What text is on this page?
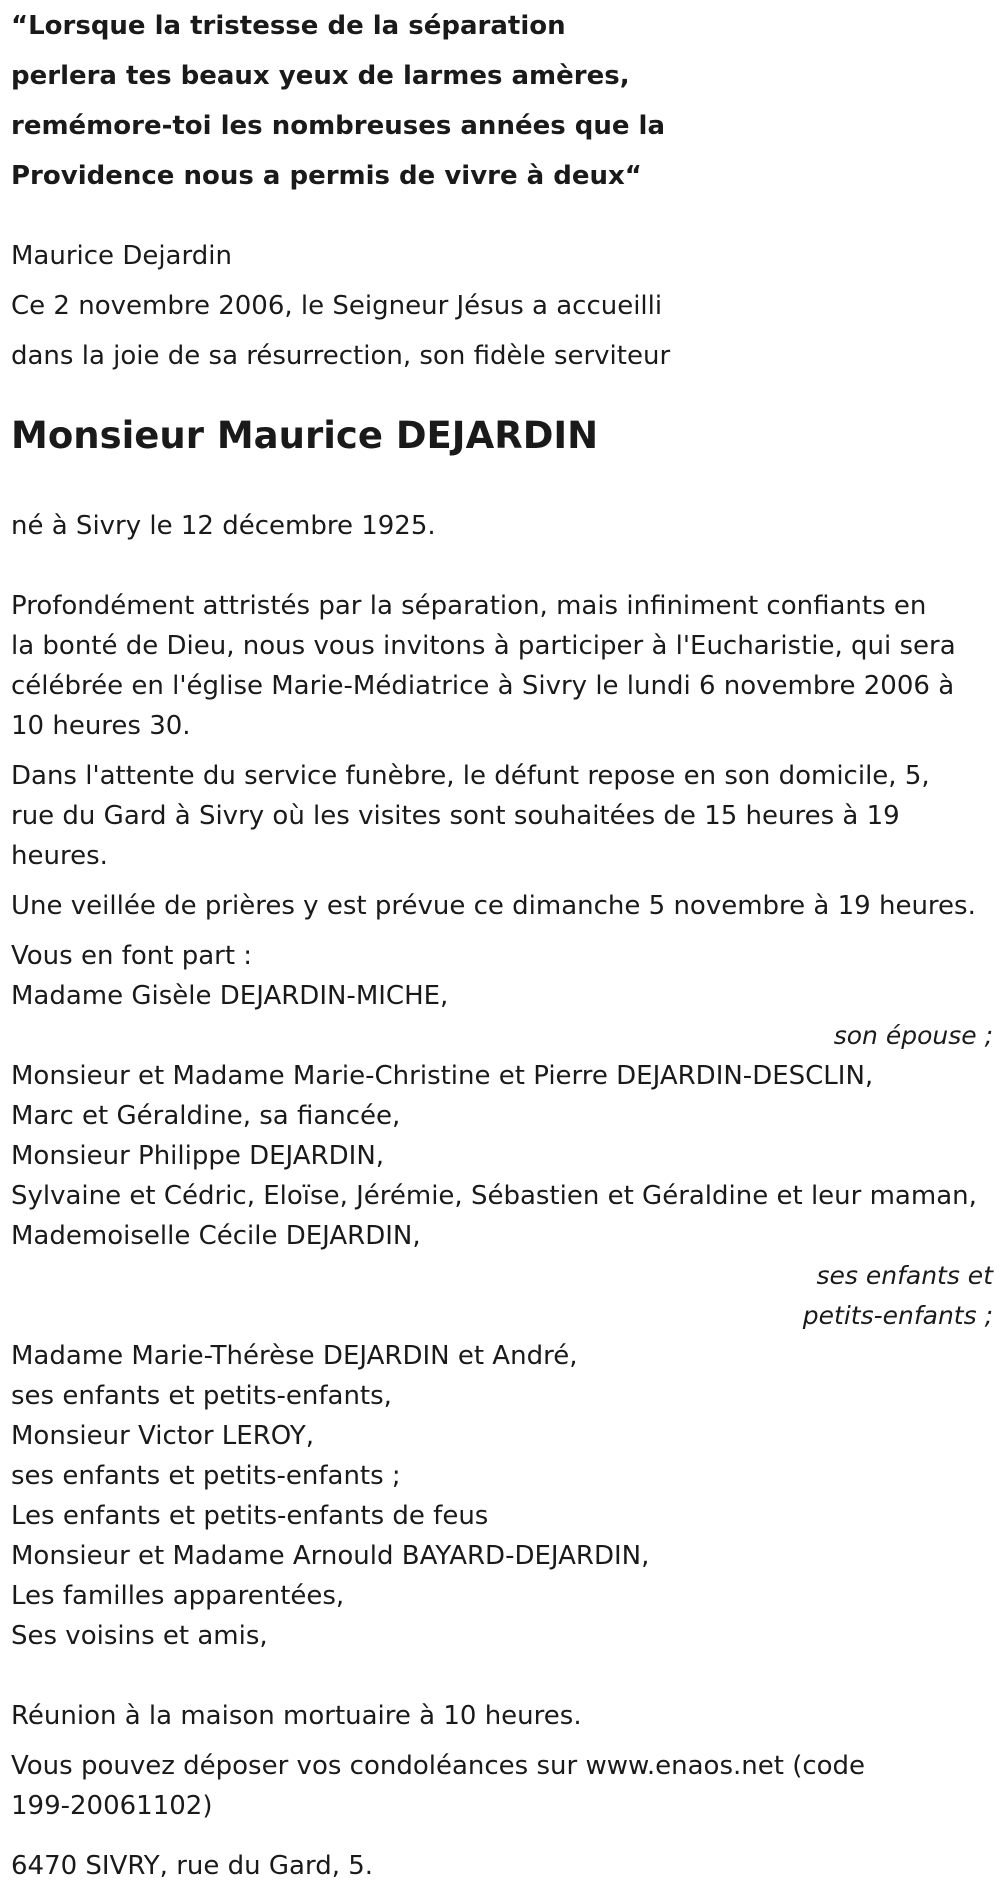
“Lorsque la tristesse de la séparation
perlera tes beaux yeux de larmes amères,
remémore-toi les nombreuses années que la
Providence nous a permis de vivre à deux“
Maurice Dejardin
Ce 2 novembre 2006, le Seigneur Jésus a accueilli
dans la joie de sa résurrection, son fidèle serviteur
Monsieur Maurice DEJARDIN
né à Sivry le 12 décembre 1925.
Profondément attristés par la séparation, mais infiniment confiants en
la bonté de Dieu, nous vous invitons à participer à l'Eucharistie, qui sera
célébrée en l'église Marie-Médiatrice à Sivry le lundi 6 novembre 2006 à
10 heures 30.
Dans l'attente du service funèbre, le défunt repose en son domicile, 5,
rue du Gard à Sivry où les visites sont souhaitées de 15 heures à 19
heures.
Une veillée de prières y est prévue ce dimanche 5 novembre à 19 heures.
Vous en font part :
Madame Gisèle DEJARDIN-MICHE,
son épouse ;
Monsieur et Madame Marie-Christine et Pierre DEJARDIN-DESCLIN,
Marc et Géraldine, sa fiancée,
Monsieur Philippe DEJARDIN,
Sylvaine et Cédric, Eloïse, Jérémie, Sébastien et Géraldine et leur maman,
Mademoiselle Cécile DEJARDIN,
ses enfants et
petits-enfants ;
Madame Marie-Thérèse DEJARDIN et André,
ses enfants et petits-enfants,
Monsieur Victor LEROY,
ses enfants et petits-enfants ;
Les enfants et petits-enfants de feus
Monsieur et Madame Arnould BAYARD-DEJARDIN,
Les familles apparentées,
Ses voisins et amis,
Réunion à la maison mortuaire à 10 heures.
Vous pouvez déposer vos condoléances sur www.enaos.net (code
199-20061102)
6470 SIVRY, rue du Gard, 5.
